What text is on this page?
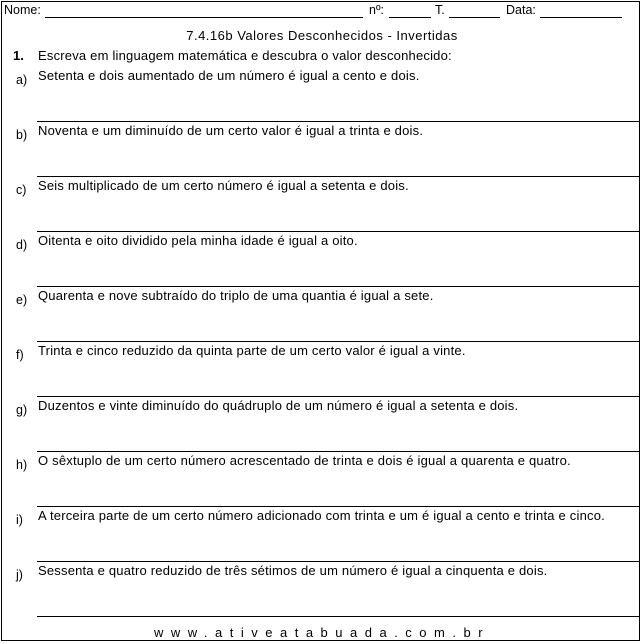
Nome:	nº:	T.	Data:
7.4.16b Valores Desconhecidos - Invertidas
1. Escreva em linguagem matemática e descubra o valor desconhecido:
a) Setenta e dois aumentado de um número é igual a cento e dois.
b) Noventa e um diminuído de um certo valor é igual a trinta e dois.
c) Seis multiplicado de um certo número é igual a setenta e dois.
d) Oitenta e oito dividido pela minha idade é igual a oito.
e) Quarenta e nove subtraído do triplo de uma quantia é igual a sete.
f) Trinta e cinco reduzido da quinta parte de um certo valor é igual a vinte.
g) Duzentos e vinte diminuído do quádruplo de um número é igual a setenta e dois.
h) O sêxtuplo de um certo número acrescentado de trinta e dois é igual a quarenta e quatro.
i) A terceira parte de um certo número adicionado com trinta e um é igual a cento e trinta e cinco.
j) Sessenta e quatro reduzido de três sétimos de um número é igual a cinquenta e dois.
www.ativeatabuada.com.br
